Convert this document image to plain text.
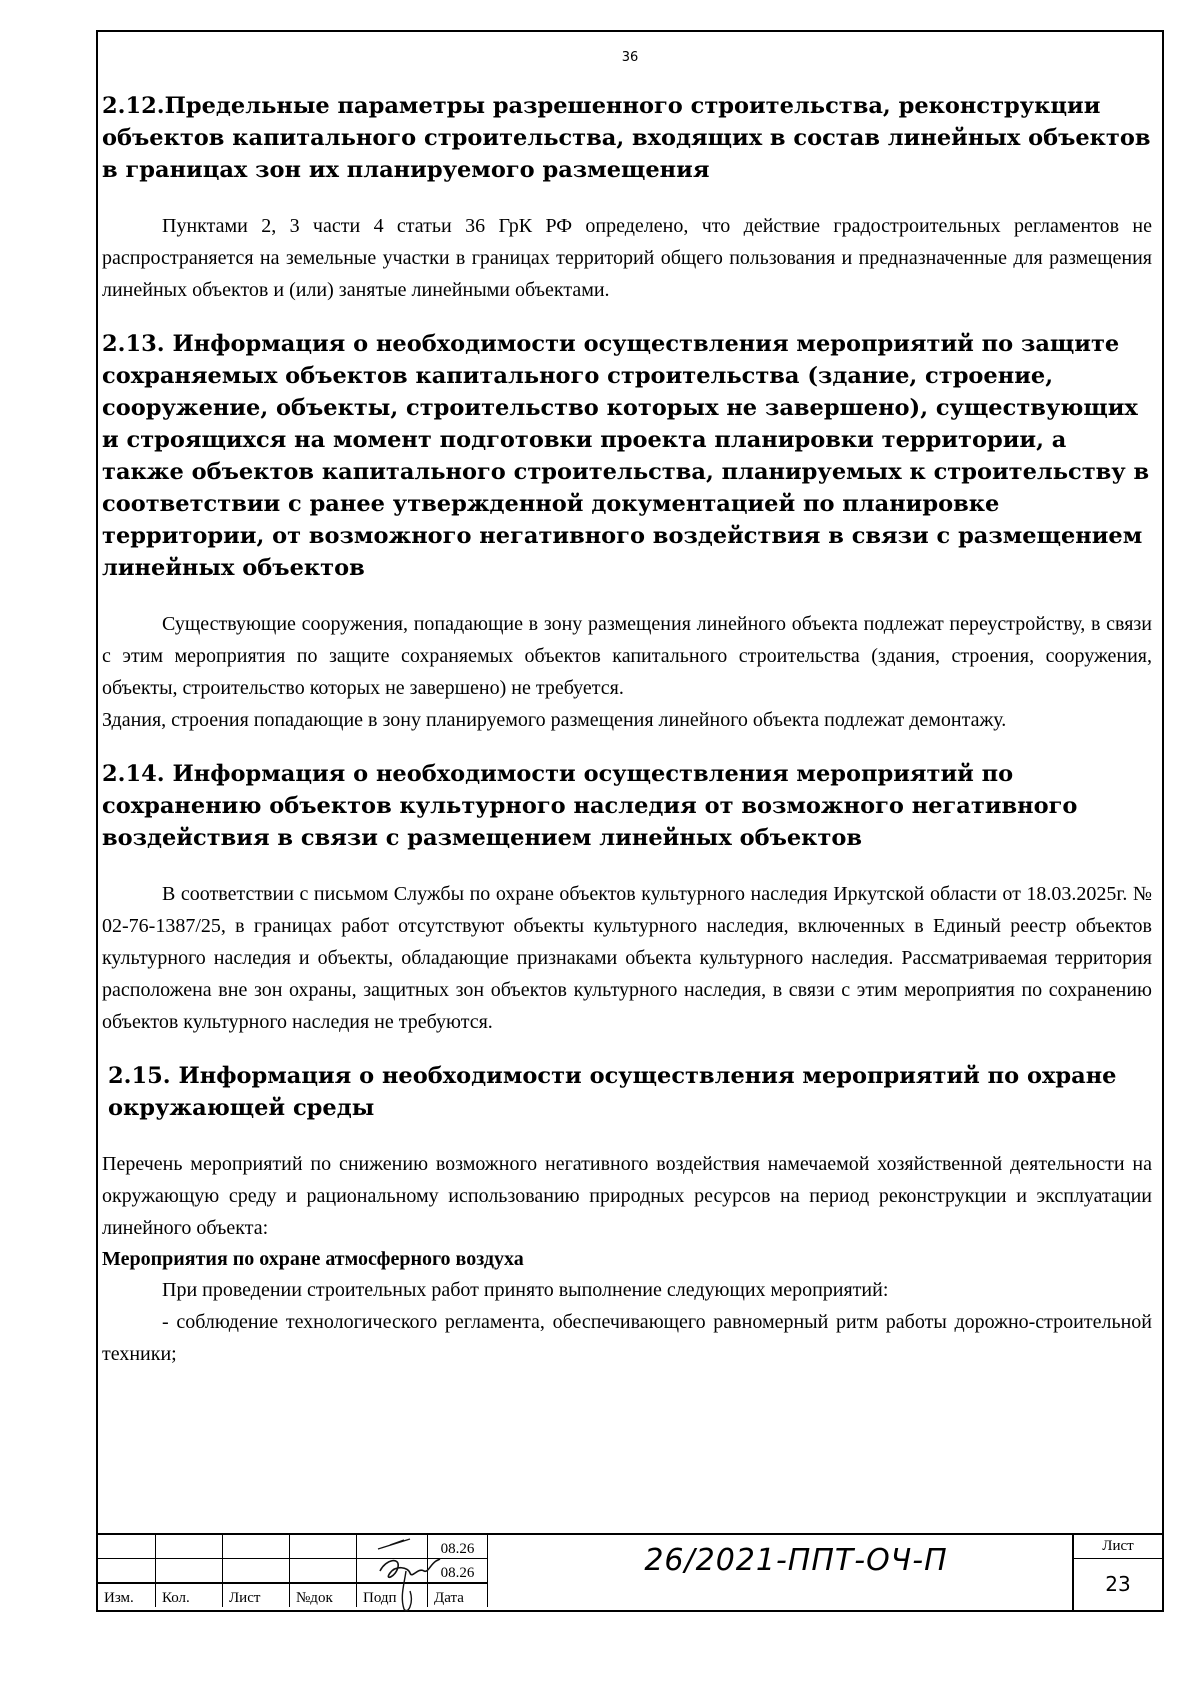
36
2.12.Предельные параметры разрешенного строительства, реконструкции объектов капитального строительства, входящих в состав линейных объектов в границах зон их планируемого размещения

Пунктами 2, 3 части 4 статьи 36 ГрК РФ определено, что действие градостроительных регламентов не распространяется на земельные участки в границах территорий общего пользования и предназначенные для размещения линейных объектов и (или) занятые линейными объектами.

2.13. Информация о необходимости осуществления мероприятий по защите сохраняемых объектов капитального строительства (здание, строение, сооружение, объекты, строительство которых не завершено), существующих и строящихся на момент подготовки проекта планировки территории, а также объектов капитального строительства, планируемых к строительству в соответствии с ранее утвержденной документацией по планировке территории, от возможного негативного воздействия в связи с размещением линейных объектов

Существующие сооружения, попадающие в зону размещения линейного объекта подлежат переустройству, в связи с этим мероприятия по защите сохраняемых объектов капитального строительства (здания, строения, сооружения, объекты, строительство которых не завершено) не требуется.

Здания, строения попадающие в зону планируемого размещения линейного объекта подлежат демонтажу.

2.14. Информация о необходимости осуществления мероприятий по сохранению объектов культурного наследия от возможного негативного воздействия в связи с размещением линейных объектов

В соответствии с письмом Службы по охране объектов культурного наследия Иркутской области от 18.03.2025г. № 02-76-1387/25, в границах работ отсутствуют объекты культурного наследия, включенных в Единый реестр объектов культурного наследия и объекты, обладающие признаками объекта культурного наследия. Рассматриваемая территория расположена вне зон охраны, защитных зон объектов культурного наследия, в связи с этим мероприятия по сохранению объектов культурного наследия не требуются.

2.15. Информация о необходимости осуществления мероприятий по охране окружающей среды

Перечень мероприятий по снижению возможного негативного воздействия намечаемой хозяйственной деятельности на окружающую среду и рациональному использованию природных ресурсов на период реконструкции и эксплуатации линейного объекта:

Мероприятия по охране атмосферного воздуха

При проведении строительных работ принято выполнение следующих мероприятий:

- соблюдение технологического регламента, обеспечивающего равномерный ритм работы дорожно-строительной техники;

					08.26
					08.26
Изм.	Кол.	Лист	№док	Подп	Дата
26/2021-ППТ-ОЧ-П	Лист
23
